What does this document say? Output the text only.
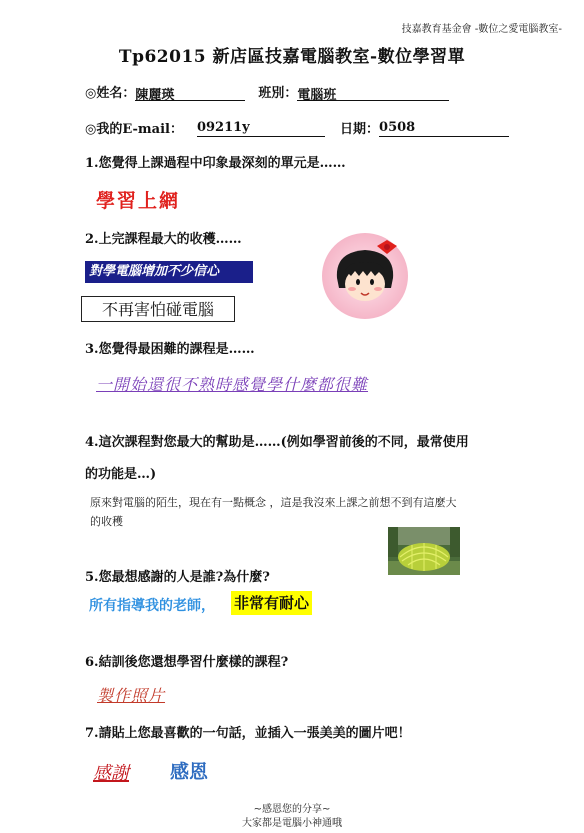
技嘉教育基金會 -數位之愛電腦教室-
Tp62015 新店區技嘉電腦教室-數位學習單
◎姓名：陳麗瑛	班別：電腦班
◎我的E-mail： 09211y	日期：0508
1.您覺得上課過程中印象最深刻的單元是……
學習上網
2.上完課程最大的收穫……
對學電腦增加不少信心
不再害怕碰電腦
3.您覺得最困難的課程是……
一開始還很不熟時感覺學什麼都很難
4.這次課程對您最大的幫助是……(例如學習前後的不同，最常使用
的功能是…)
原來對電腦的陌生，現在有一點概念 ，這是我沒來上課之前想不到有這麼大
的收穫
5.您最想感謝的人是誰?為什麼?
所有指導我的老師， 非常有耐心
6.結訓後您還想學習什麼樣的課程?
製作照片
7.請貼上您最喜歡的一句話，並插入一張美美的圖片吧！
感謝 感恩
~感恩您的分享~
大家都是電腦小神通哦
